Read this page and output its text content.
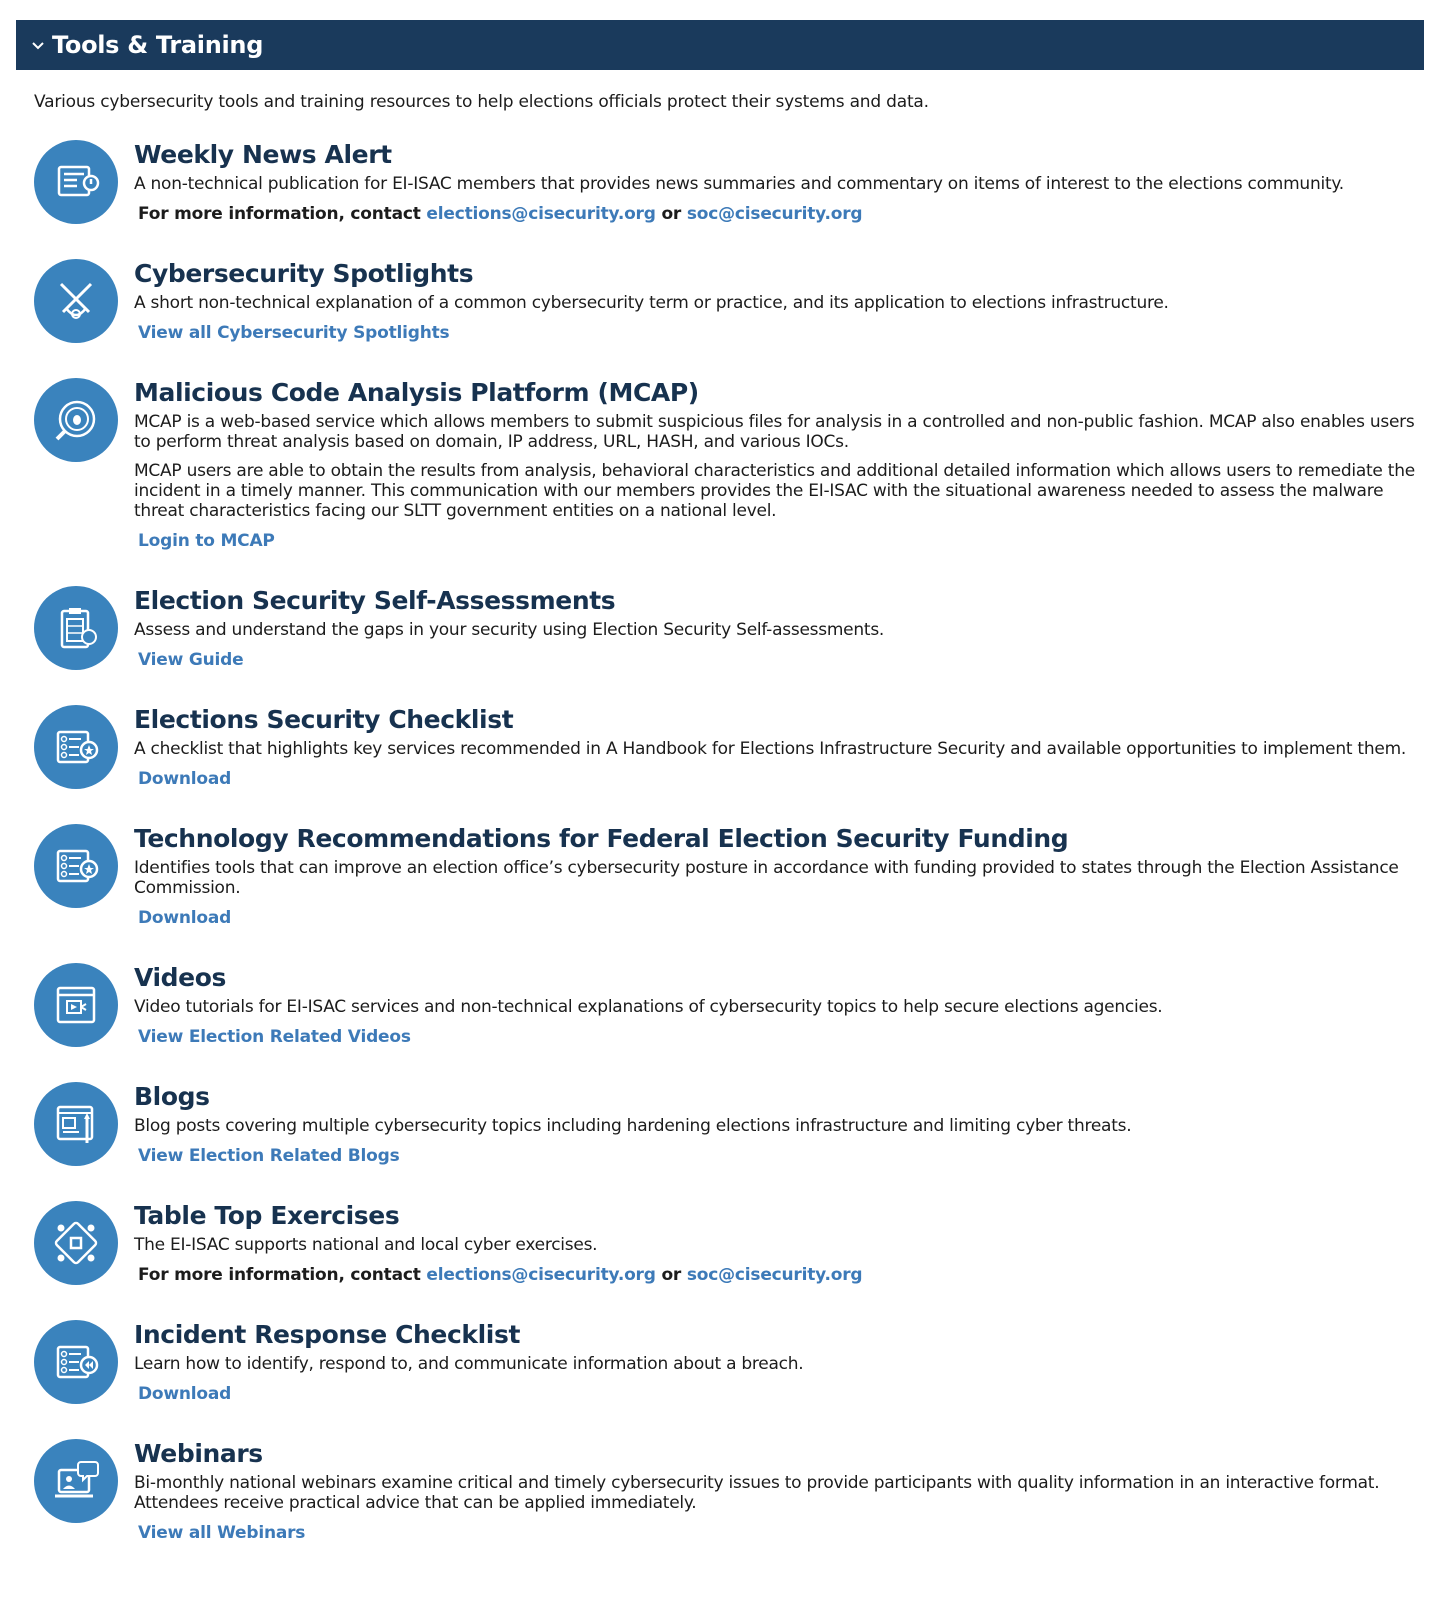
Tools & Training

Various cybersecurity tools and training resources to help elections officials protect their systems and data.

Weekly News Alert

A non-technical publication for EI-ISAC members that provides news summaries and commentary on items of interest to the elections community.

For more information, contact elections@cisecurity.org or soc@cisecurity.org
Cybersecurity Spotlights

A short non-technical explanation of a common cybersecurity term or practice, and its application to elections infrastructure.

View all Cybersecurity Spotlights
Malicious Code Analysis Platform (MCAP)

MCAP is a web-based service which allows members to submit suspicious files for analysis in a controlled and non-public fashion. MCAP also enables users to perform threat analysis based on domain, IP address, URL, HASH, and various IOCs.

MCAP users are able to obtain the results from analysis, behavioral characteristics and additional detailed information which allows users to remediate the incident in a timely manner. This communication with our members provides the EI-ISAC with the situational awareness needed to assess the malware threat characteristics facing our SLTT government entities on a national level.

Login to MCAP
Election Security Self-Assessments

Assess and understand the gaps in your security using Election Security Self-assessments.

View Guide
Elections Security Checklist

A checklist that highlights key services recommended in A Handbook for Elections Infrastructure Security and available opportunities to implement them.

Download
Technology Recommendations for Federal Election Security Funding

Identifies tools that can improve an election office’s cybersecurity posture in accordance with funding provided to states through the Election Assistance Commission.

Download
Videos

Video tutorials for EI-ISAC services and non-technical explanations of cybersecurity topics to help secure elections agencies.

View Election Related Videos
Blogs

Blog posts covering multiple cybersecurity topics including hardening elections infrastructure and limiting cyber threats.

View Election Related Blogs
Table Top Exercises

The EI-ISAC supports national and local cyber exercises.

For more information, contact elections@cisecurity.org or soc@cisecurity.org
Incident Response Checklist

Learn how to identify, respond to, and communicate information about a breach.

Download
Webinars

Bi-monthly national webinars examine critical and timely cybersecurity issues to provide participants with quality information in an interactive format. Attendees receive practical advice that can be applied immediately.

View all Webinars
